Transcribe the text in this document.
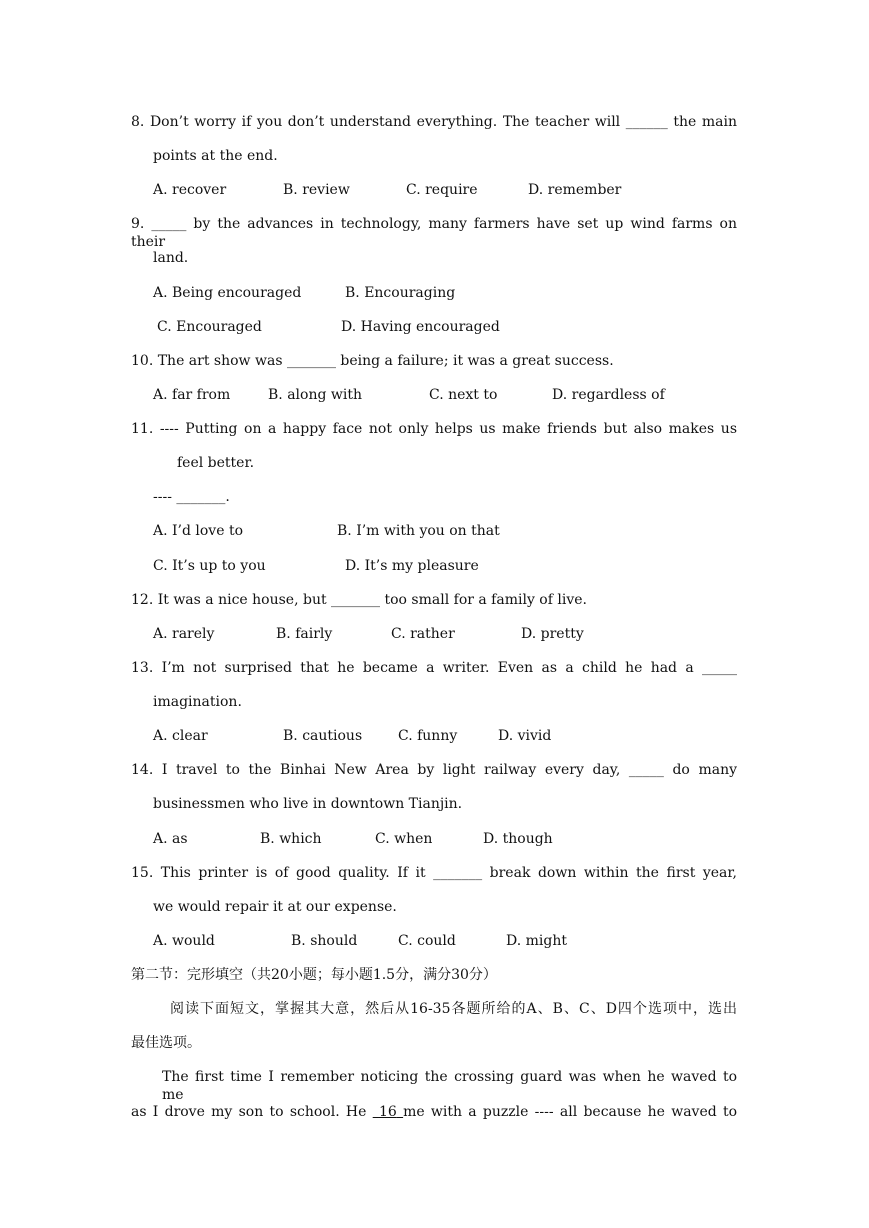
8. Don’t worry if you don’t understand everything. The teacher will ______ the main
points at the end.
A. recover	B. review	C. require	D. remember
9. _____ by the advances in technology, many farmers have set up wind farms on their
land.
A. Being encouraged	B. Encouraging
C. Encouraged	D. Having encouraged
10. The art show was _______ being a failure; it was a great success.
A. far from	B. along with	C. next to	D. regardless of
11. ---- Putting on a happy face not only helps us make friends but also makes us
feel better.
---- _______.
A. I’d love to	B. I’m with you on that
C. It’s up to you	D. It’s my pleasure
12. It was a nice house, but _______ too small for a family of live.
A. rarely	B. fairly	C. rather	D. pretty
13. I’m not surprised that he became a writer. Even as a child he had a _____
imagination.
A. clear	B. cautious	C. funny	D. vivid
14. I travel to the Binhai New Area by light railway every day, _____ do many
businessmen who live in downtown Tianjin.
A. as	B. which	C. when	D. though
15. This printer is of good quality. If it _______ break down within the first year,
we would repair it at our expense.
A. would	B. should	C. could	D. might
第二节：完形填空（共20小题；每小题1.5分，满分30分）
阅读下面短文，掌握其大意，然后从16-35各题所给的A、B、C、D四个选项中，选出
最佳选项。
The first time I remember noticing the crossing guard was when he waved to me
as I drove my son to school. He 16 me with a puzzle ---- all because he waved to
